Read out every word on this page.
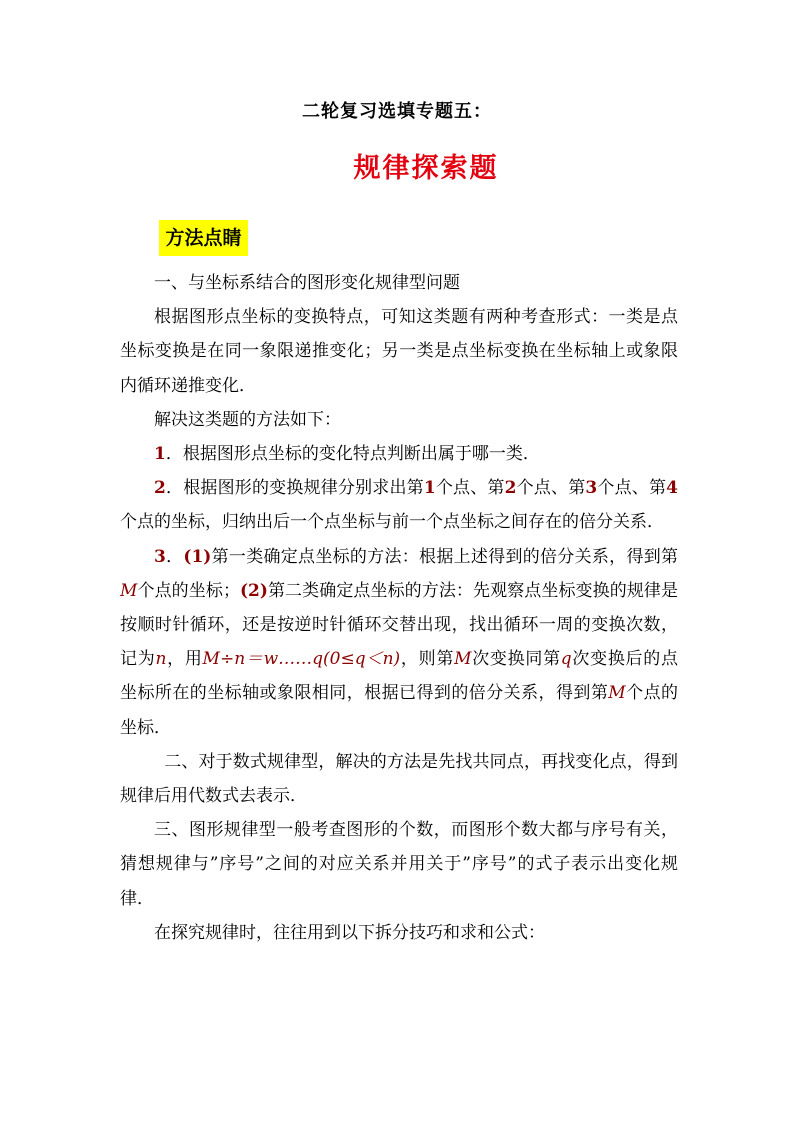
二轮复习选填专题五：
规律探索题
方法点睛

一、与坐标系结合的图形变化规律型问题

根据图形点坐标的变换特点，可知这类题有两种考查形式：一类是点坐标变换是在同一象限递推变化；另一类是点坐标变换在坐标轴上或象限内循环递推变化．

解决这类题的方法如下：

1．根据图形点坐标的变化特点判断出属于哪一类．

2．根据图形的变换规律分别求出第1个点、第2个点、第3个点、第4个点的坐标，归纳出后一个点坐标与前一个点坐标之间存在的倍分关系．

3．(1)第一类确定点坐标的方法：根据上述得到的倍分关系，得到第M个点的坐标；(2)第二类确定点坐标的方法：先观察点坐标变换的规律是按顺时针循环，还是按逆时针循环交替出现，找出循环一周的变换次数，记为n，用M÷n＝w……q(0≤q＜n)，则第M次变换同第q次变换后的点坐标所在的坐标轴或象限相同，根据已得到的倍分关系，得到第M个点的坐标．

二、对于数式规律型，解决的方法是先找共同点，再找变化点，得到规律后用代数式去表示．

三、图形规律型一般考查图形的个数，而图形个数大都与序号有关，猜想规律与”序号”之间的对应关系并用关于”序号”的式子表示出变化规律．

在探究规律时，往往用到以下拆分技巧和求和公式：
